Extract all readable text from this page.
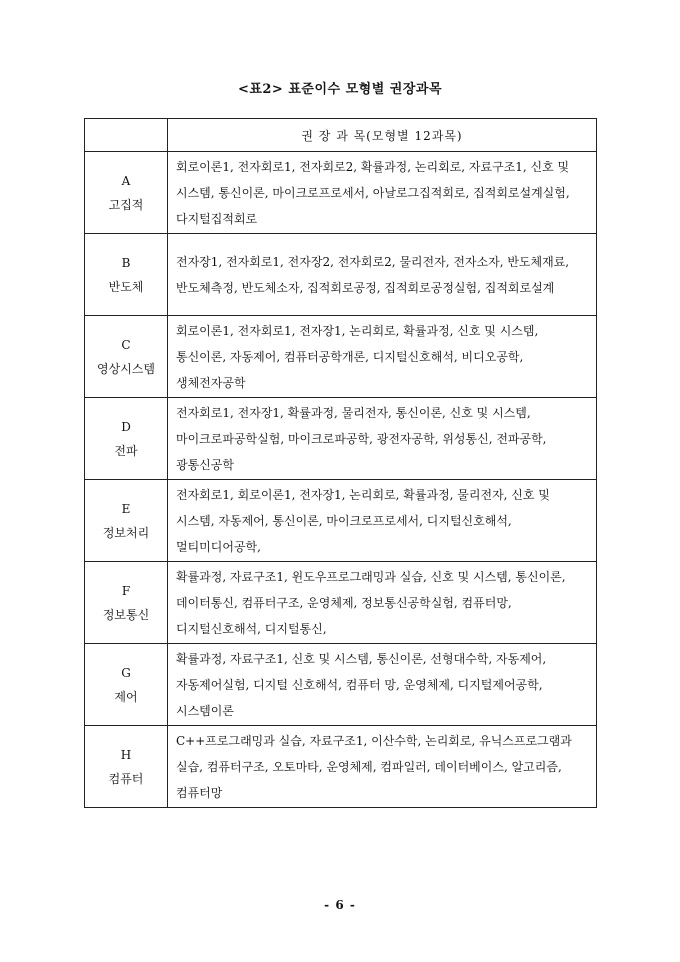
<표2> 표준이수 모형별 권장과목
	권 장 과 목(모형별 12과목)

A
고집적	회로이론1, 전자회로1, 전자회로2, 확률과정, 논리회로, 자료구조1, 신호 및 시스템, 통신이론, 마이크로프로세서, 아날로그집적회로, 집적회로설계실험, 다지털집적회로

B
반도체	전자장1, 전자회로1, 전자장2, 전자회로2, 물리전자, 전자소자, 반도체재료, 반도체측정, 반도체소자, 집적회로공정, 집적회로공정실험, 집적회로설계

C
영상시스템	회로이론1, 전자회로1, 전자장1, 논리회로, 확률과정, 신호 및 시스템, 통신이론, 자동제어, 컴퓨터공학개론, 디지털신호해석, 비디오공학, 생체전자공학

D
전파	전자회로1, 전자장1, 확률과정, 물리전자, 통신이론, 신호 및 시스템, 마이크로파공학실험, 마이크로파공학, 광전자공학, 위성통신, 전파공학, 광통신공학

E
정보처리	전자회로1, 회로이론1, 전자장1, 논리회로, 확률과정, 물리전자, 신호 및 시스템, 자동제어, 통신이론, 마이크로프로세서, 디지털신호해석, 멀티미디어공학,

F
정보통신	확률과정, 자료구조1, 윈도우프로그래밍과 실습, 신호 및 시스템, 통신이론, 데이터통신, 컴퓨터구조, 운영체제, 정보통신공학실험, 컴퓨터망, 디지털신호해석, 디지털통신,

G
제어	확률과정, 자료구조1, 신호 및 시스템, 통신이론, 선형대수학, 자동제어, 자동제어실험, 디지털 신호해석, 컴퓨터 망, 운영체제, 디지털제어공학, 시스템이론

H
컴퓨터	C++프로그래밍과 실습, 자료구조1, 이산수학, 논리회로, 유닉스프로그램과 실습, 컴퓨터구조, 오토마타, 운영체제, 컴파일러, 데이터베이스, 알고리즘, 컴퓨터망
- 6 -
